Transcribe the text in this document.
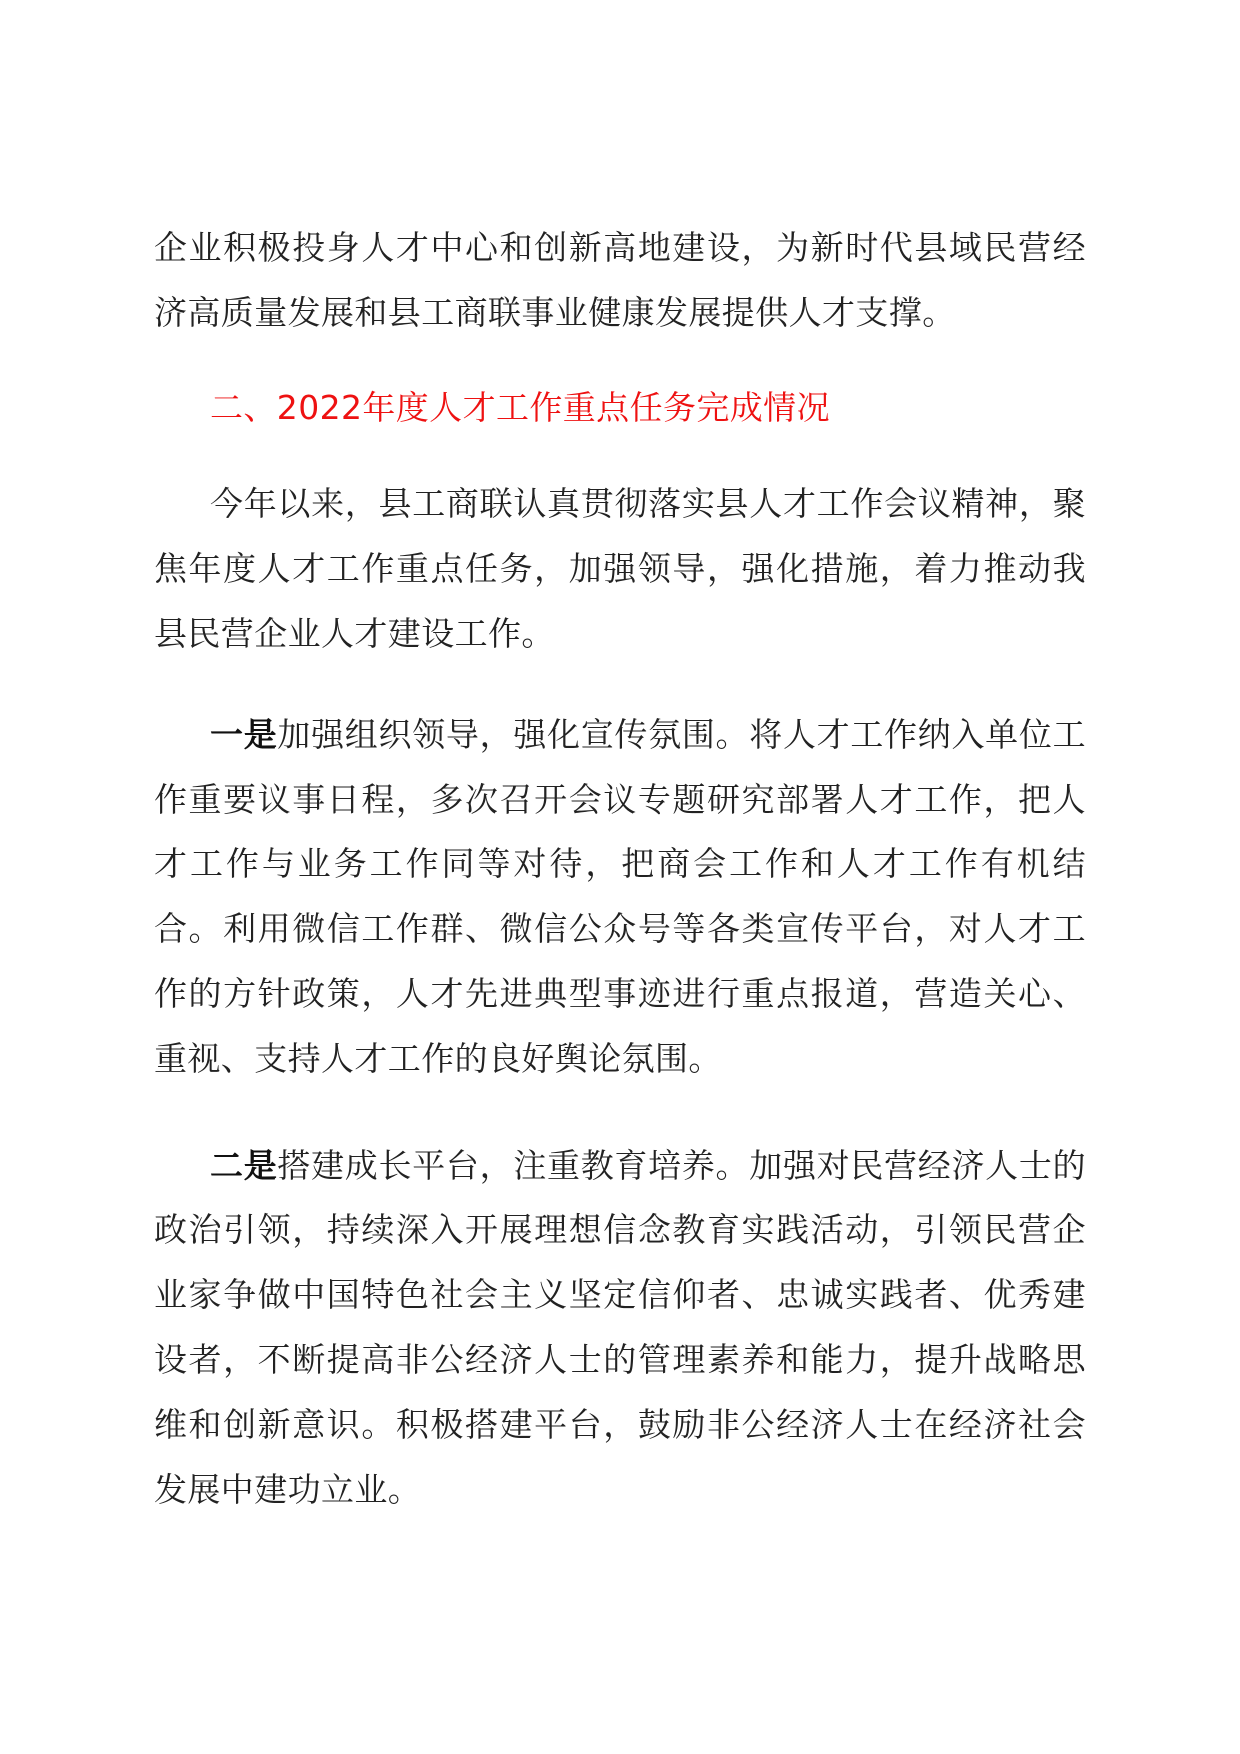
企业积极投身人才中心和创新高地建设，为新时代县域民营经济高质量发展和县工商联事业健康发展提供人才支撑。

二、2022年度人才工作重点任务完成情况

今年以来，县工商联认真贯彻落实县人才工作会议精神，聚焦年度人才工作重点任务，加强领导，强化措施，着力推动我县民营企业人才建设工作。

一是加强组织领导，强化宣传氛围。将人才工作纳入单位工作重要议事日程，多次召开会议专题研究部署人才工作，把人才工作与业务工作同等对待，把商会工作和人才工作有机结合。利用微信工作群、微信公众号等各类宣传平台，对人才工作的方针政策，人才先进典型事迹进行重点报道，营造关心、重视、支持人才工作的良好舆论氛围。

二是搭建成长平台，注重教育培养。加强对民营经济人士的政治引领，持续深入开展理想信念教育实践活动，引领民营企业家争做中国特色社会主义坚定信仰者、忠诚实践者、优秀建设者，不断提高非公经济人士的管理素养和能力，提升战略思维和创新意识。积极搭建平台，鼓励非公经济人士在经济社会发展中建功立业。
